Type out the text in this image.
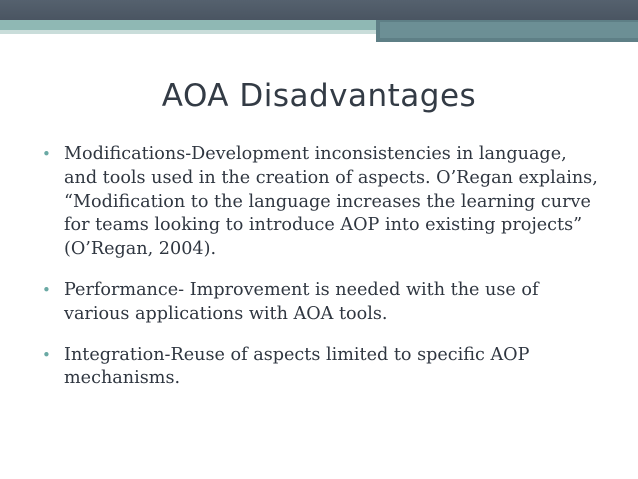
AOA Disadvantages
• Modifications-Development inconsistencies in language, and tools used in the creation of aspects. O’Regan explains, “Modification to the language increases the learning curve for teams looking to introduce AOP into existing projects” (O’Regan, 2004).
• Performance- Improvement is needed with the use of various applications with AOA tools.
• Integration-Reuse of aspects limited to specific AOP mechanisms.
